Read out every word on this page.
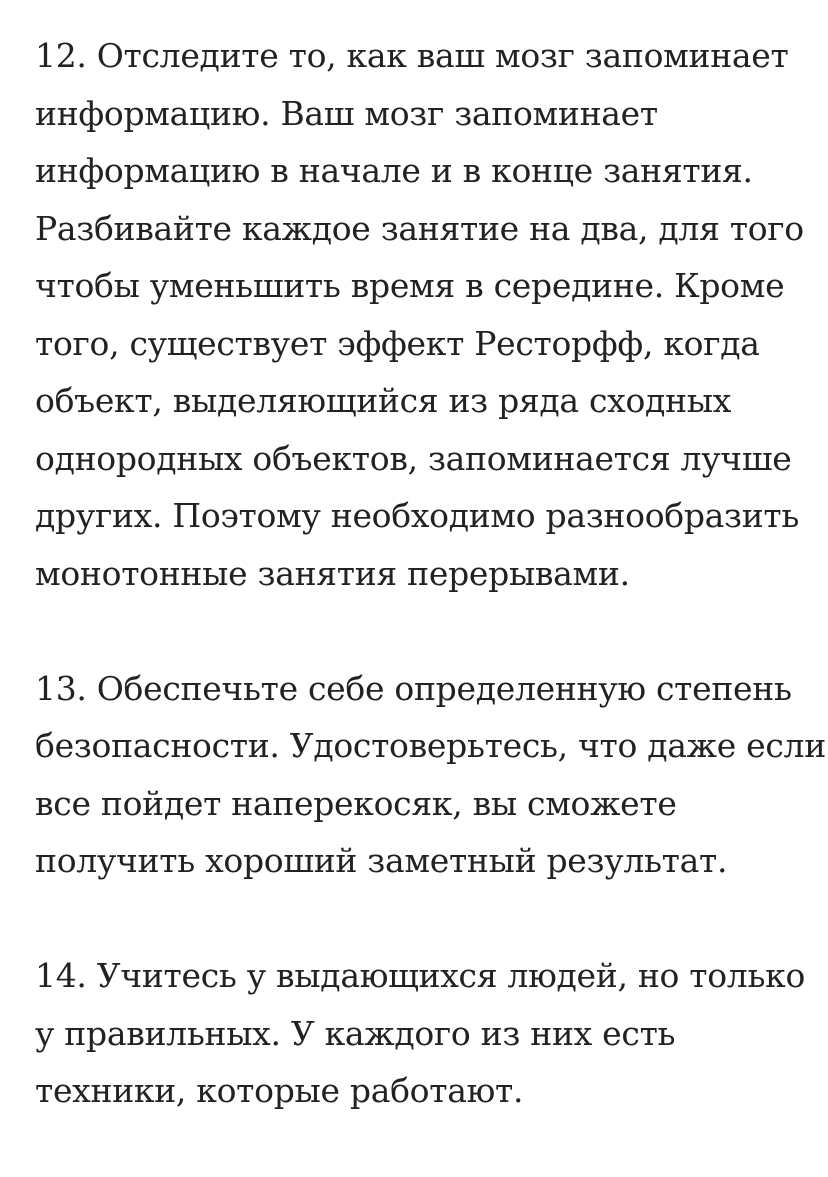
12. Отследите то, как ваш мозг запоминает
информацию. Ваш мозг запоминает
информацию в начале и в конце занятия.
Разбивайте каждое занятие на два, для того
чтобы уменьшить время в середине. Кроме
того, существует эффект Ресторфф, когда
объект, выделяющийся из ряда сходных
однородных объектов, запоминается лучше
других. Поэтому необходимо разнообразить
монотонные занятия перерывами.

13. Обеспечьте себе определенную степень
безопасности. Удостоверьтесь, что даже если
все пойдет наперекосяк, вы сможете
получить хороший заметный результат.

14. Учитесь у выдающихся людей, но только
у правильных. У каждого из них есть
техники, которые работают.
